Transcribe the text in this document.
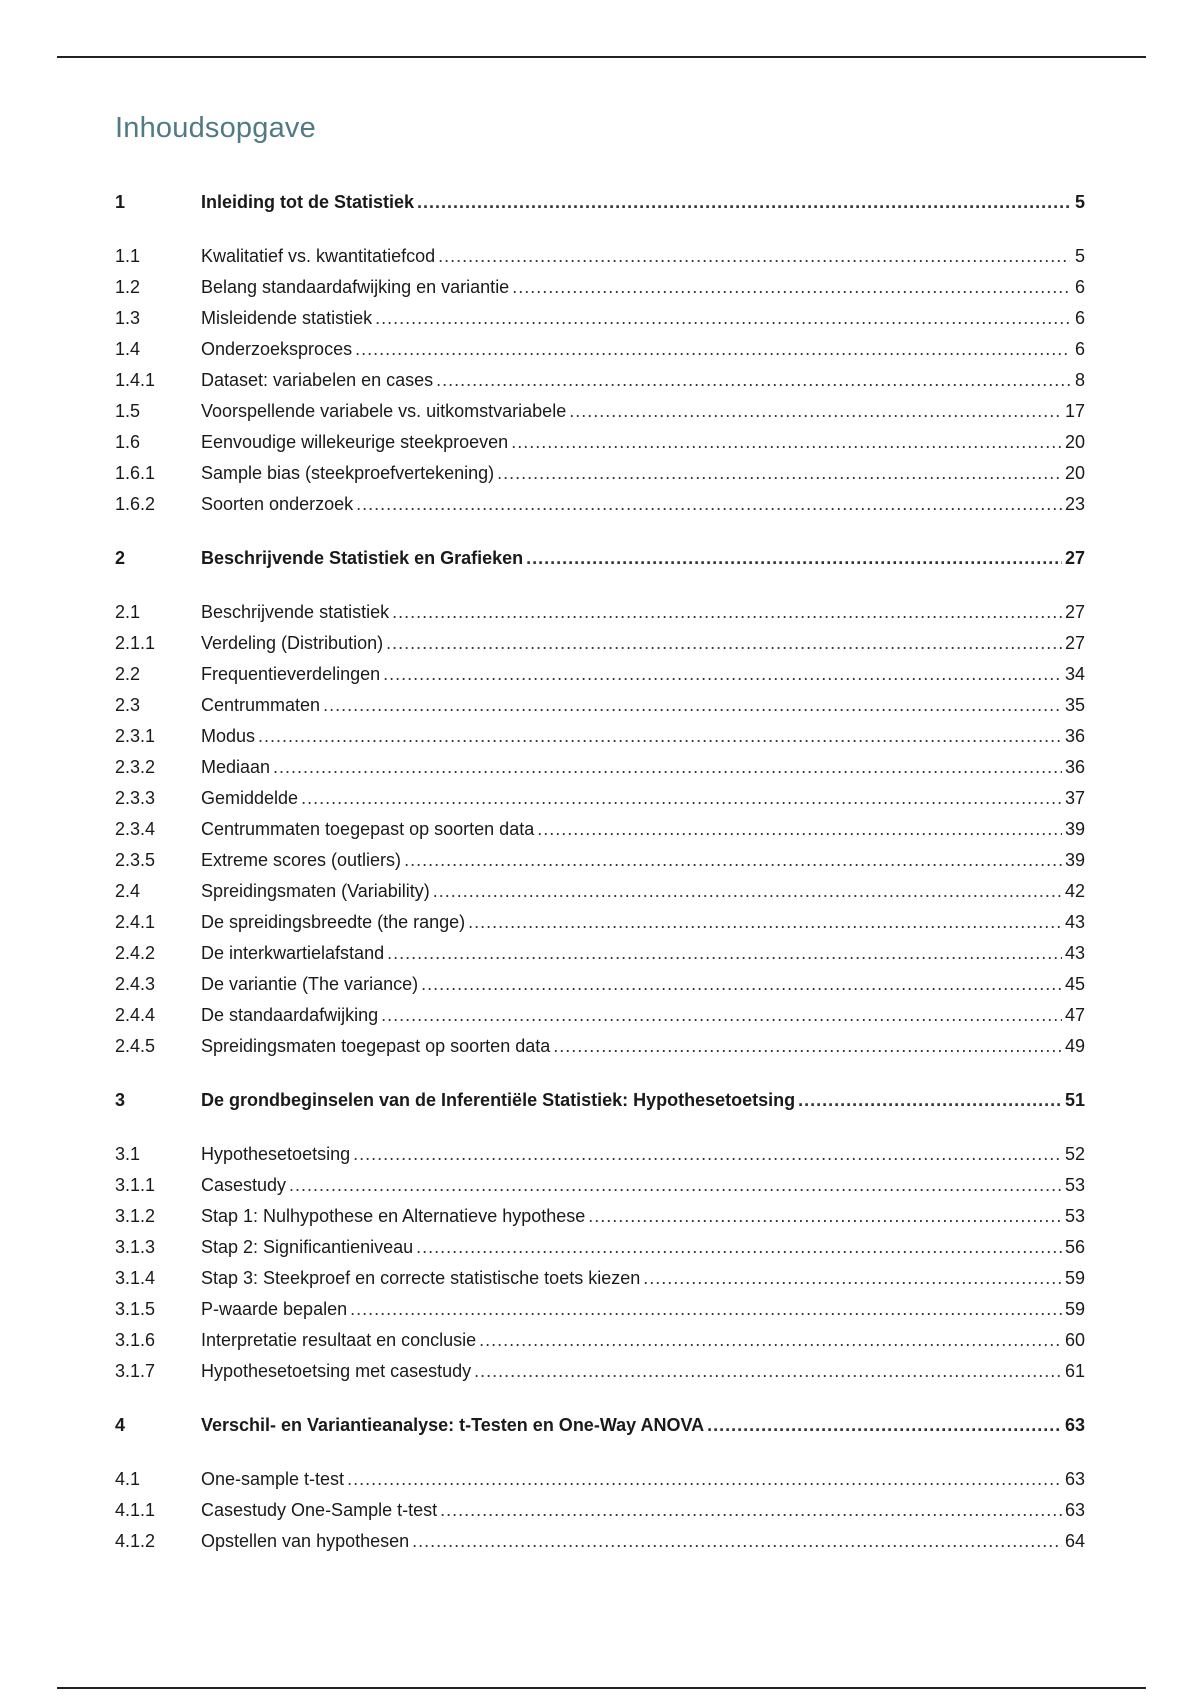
Inhoudsopgave
1	Inleiding tot de Statistiek .....	5
1.1	Kwalitatief vs. kwantitatiefcod .....	5
1.2	Belang standaardafwijking en variantie .....	6
1.3	Misleidende statistiek .....	6
1.4	Onderzoeksproces .....	6
1.4.1	Dataset: variabelen en cases .....	8
1.5	Voorspellende variabele vs. uitkomstvariabele .....	17
1.6	Eenvoudige willekeurige steekproeven .....	20
1.6.1	Sample bias (steekproefvertekening) .....	20
1.6.2	Soorten onderzoek .....	23
2	Beschrijvende Statistiek en Grafieken .....	27
2.1	Beschrijvende statistiek .....	27
2.1.1	Verdeling (Distribution) .....	27
2.2	Frequentieverdelingen .....	34
2.3	Centrummaten .....	35
2.3.1	Modus .....	36
2.3.2	Mediaan .....	36
2.3.3	Gemiddelde .....	37
2.3.4	Centrummaten toegepast op soorten data .....	39
2.3.5	Extreme scores (outliers) .....	39
2.4	Spreidingsmaten (Variability) .....	42
2.4.1	De spreidingsbreedte (the range) .....	43
2.4.2	De interkwartielafstand .....	43
2.4.3	De variantie (The variance) .....	45
2.4.4	De standaardafwijking .....	47
2.4.5	Spreidingsmaten toegepast op soorten data .....	49
3	De grondbeginselen van de Inferentiële Statistiek: Hypothesetoetsing .....	51
3.1	Hypothesetoetsing .....	52
3.1.1	Casestudy .....	53
3.1.2	Stap 1: Nulhypothese en Alternatieve hypothese .....	53
3.1.3	Stap 2: Significantieniveau .....	56
3.1.4	Stap 3: Steekproef en correcte statistische toets kiezen .....	59
3.1.5	P-waarde bepalen .....	59
3.1.6	Interpretatie resultaat en conclusie .....	60
3.1.7	Hypothesetoetsing met casestudy .....	61
4	Verschil- en Variantieanalyse: t-Testen en One-Way ANOVA .....	63
4.1	One-sample t-test .....	63
4.1.1	Casestudy One-Sample t-test .....	63
4.1.2	Opstellen van hypothesen .....	64
